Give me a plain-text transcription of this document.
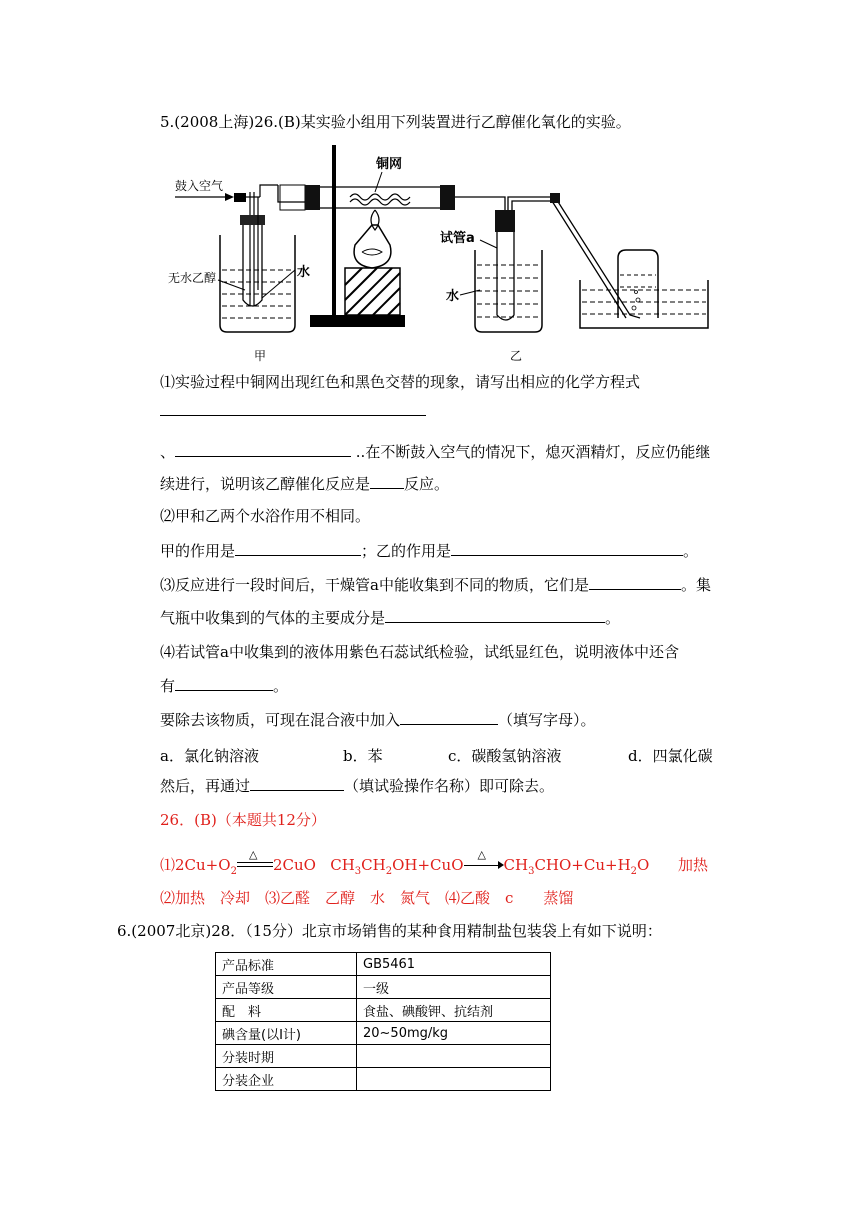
5.(2008上海)26.(B)某实验小组用下列装置进行乙醇催化氧化的实验。
鼓入空气
无水乙醇	水
铜网
试管a
水
甲	乙
⑴实验过程中铜网出现红色和黑色交替的现象，请写出相应的化学方程式
、	..在不断鼓入空气的情况下，熄灭酒精灯，反应仍能继
续进行，说明该乙醇催化反应是 反应。
⑵甲和乙两个水浴作用不相同。
甲的作用是	；乙的作用是	。
⑶反应进行一段时间后，干燥管a中能收集到不同的物质，它们是	。集
气瓶中收集到的气体的主要成分是	。
⑷若试管a中收集到的液体用紫色石蕊试纸检验，试纸显红色，说明液体中还含
有	。
要除去该物质，可现在混合液中加入	（填写字母）。
a．氯化钠溶液	b．苯	c．碳酸氢钠溶液	d．四氯化碳
然后，再通过	（填试验操作名称）即可除去。
26．(B)（本题共12分）
$⑴2Cu+O_2$
△
2CuO $CH_3CH_2OH+CuO$
△
$CH_3CHO+Cu+H_2O$ 加热
⑵加热　冷却　⑶乙醛　乙醇　水　氮气　⑷乙酸　c　　蒸馏
6.(2007北京)28．（15分）北京市场销售的某种食用精制盐包装袋上有如下说明：
产品标准	GB5461
产品等级	一级
配　料	食盐、碘酸钾、抗结剂
碘含量(以I计)	20~50mg/kg
分装时期	
分装企业	
